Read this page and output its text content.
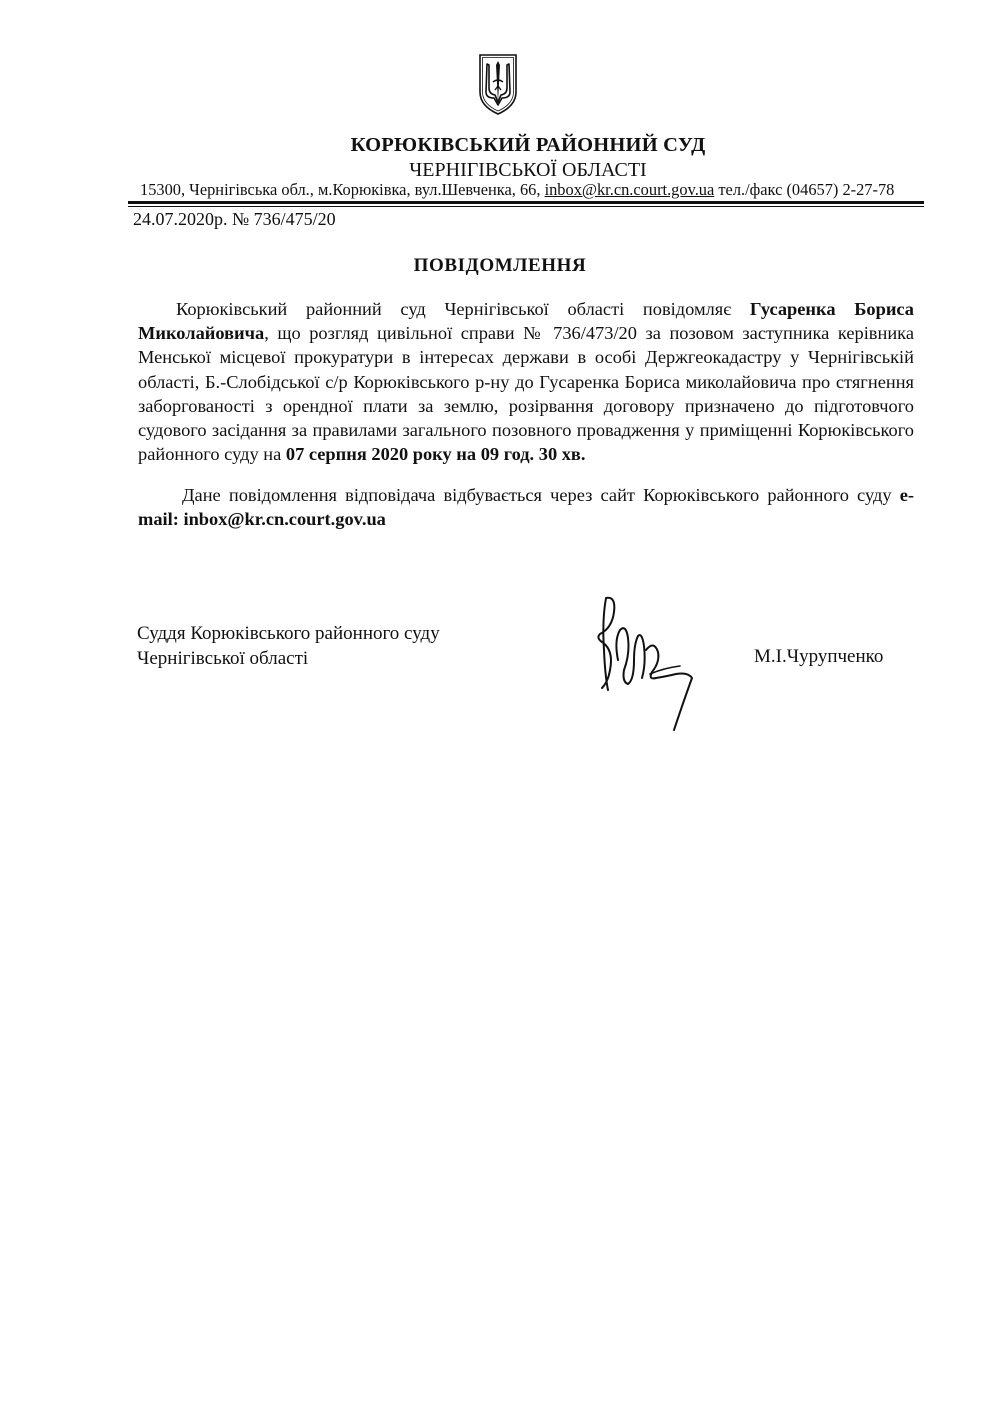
КОРЮКІВСЬКИЙ РАЙОННИЙ СУД
ЧЕРНІГІВСЬКОЇ ОБЛАСТІ
15300, Чернігівська обл., м.Корюківка, вул.Шевченка, 66, inbox@kr.cn.court.gov.ua тел./факс (04657) 2-27-78
24.07.2020р. № 736/475/20
ПОВІДОМЛЕННЯ
Корюківський районний суд Чернігівської області повідомляє Гусаренка Бориса Миколайовича, що розгляд цивільної справи № 736/473/20 за позовом заступника керівника Менської місцевої прокуратури в інтересах держави в особі Держгеокадастру у Чернігівській області, Б.-Слобідської с/р Корюківського р-ну до Гусаренка Бориса миколайовича про стягнення заборгованості з орендної плати за землю, розірвання договору призначено до підготовчого судового засідання за правилами загального позовного провадження у приміщенні Корюківського районного суду на 07 серпня 2020 року на 09 год. 30 хв.
Дане повідомлення відповідача відбувається через сайт Корюківського районного суду e-mail: inbox@kr.cn.court.gov.ua
Суддя Корюківського районного суду
Чернігівської області	М.І.Чурупченко
